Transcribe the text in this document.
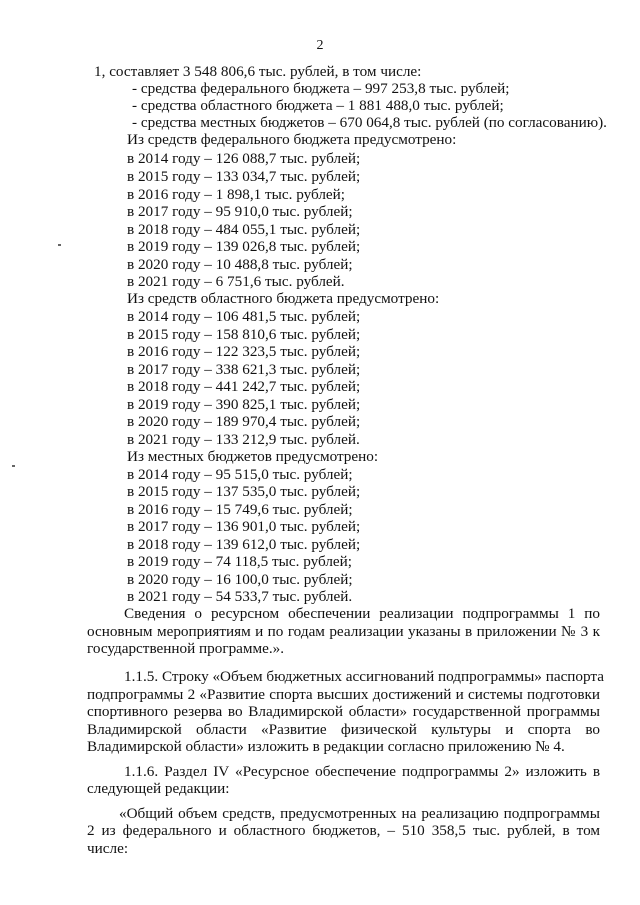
2
1, составляет 3 548 806,6 тыс. рублей, в том числе:
- средства федерального бюджета – 997 253,8 тыс. рублей;
- средства областного бюджета – 1 881 488,0 тыс. рублей;
- средства местных бюджетов – 670 064,8 тыс. рублей (по согласованию).
Из средств федерального бюджета предусмотрено:
в 2014 году – 126 088,7 тыс. рублей;
в 2015 году – 133 034,7 тыс. рублей;
в 2016 году – 1 898,1 тыс. рублей;
в 2017 году – 95 910,0 тыс. рублей;
в 2018 году – 484 055,1 тыс. рублей;
в 2019 году – 139 026,8 тыс. рублей;
в 2020 году – 10 488,8 тыс. рублей;
в 2021 году – 6 751,6 тыс. рублей.
Из средств областного бюджета предусмотрено:
в 2014 году – 106 481,5 тыс. рублей;
в 2015 году – 158 810,6 тыс. рублей;
в 2016 году – 122 323,5 тыс. рублей;
в 2017 году – 338 621,3 тыс. рублей;
в 2018 году – 441 242,7 тыс. рублей;
в 2019 году – 390 825,1 тыс. рублей;
в 2020 году – 189 970,4 тыс. рублей;
в 2021 году – 133 212,9 тыс. рублей.
Из местных бюджетов предусмотрено:
в 2014 году – 95 515,0 тыс. рублей;
в 2015 году – 137 535,0 тыс. рублей;
в 2016 году – 15 749,6 тыс. рублей;
в 2017 году – 136 901,0 тыс. рублей;
в 2018 году – 139 612,0 тыс. рублей;
в 2019 году – 74 118,5 тыс. рублей;
в 2020 году – 16 100,0 тыс. рублей;
в 2021 году – 54 533,7 тыс. рублей.
Сведения о ресурсном обеспечении реализации подпрограммы 1 по
основным мероприятиям и по годам реализации указаны в приложении № 3 к
государственной программе.».
1.1.5. Строку «Объем бюджетных ассигнований подпрограммы» паспорта
подпрограммы 2 «Развитие спорта высших достижений и системы подготовки
спортивного резерва во Владимирской области» государственной программы
Владимирской области «Развитие физической культуры и спорта во
Владимирской области» изложить в редакции согласно приложению № 4.
1.1.6. Раздел IV «Ресурсное обеспечение подпрограммы 2» изложить в
следующей редакции:
«Общий объем средств, предусмотренных на реализацию подпрограммы
2 из федерального и областного бюджетов, – 510 358,5 тыс. рублей, в том
числе:
